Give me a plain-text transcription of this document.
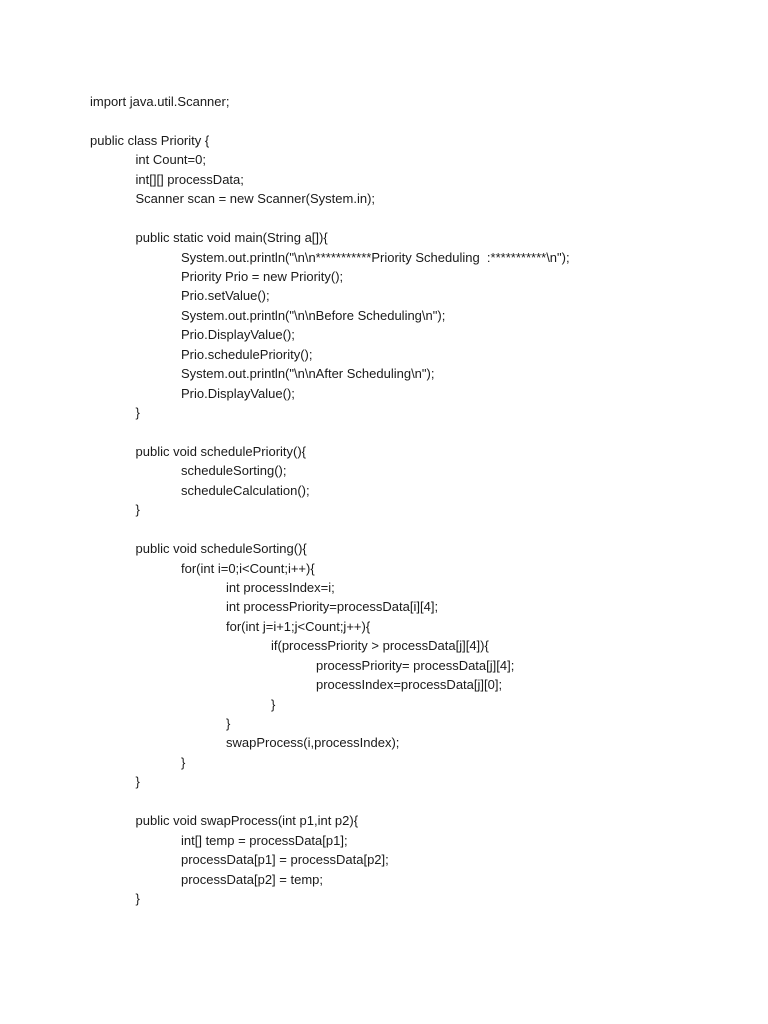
import java.util.Scanner;
public class Priority {
int Count=0;
int[][] processData;
Scanner scan = new Scanner(System.in);
public static void main(String a[]){
System.out.println("\n\n***********Priority Scheduling  :***********\n");
Priority Prio = new Priority();
Prio.setValue();
System.out.println("\n\nBefore Scheduling\n");
Prio.DisplayValue();
Prio.schedulePriority();
System.out.println("\n\nAfter Scheduling\n");
Prio.DisplayValue();
}
public void schedulePriority(){
scheduleSorting();
scheduleCalculation();
}
public void scheduleSorting(){
for(int i=0;i<Count;i++){
int processIndex=i;
int processPriority=processData[i][4];
for(int j=i+1;j<Count;j++){
if(processPriority > processData[j][4]){
processPriority= processData[j][4];
processIndex=processData[j][0];
}
}
swapProcess(i,processIndex);
}
}
public void swapProcess(int p1,int p2){
int[] temp = processData[p1];
processData[p1] = processData[p2];
processData[p2] = temp;
}
